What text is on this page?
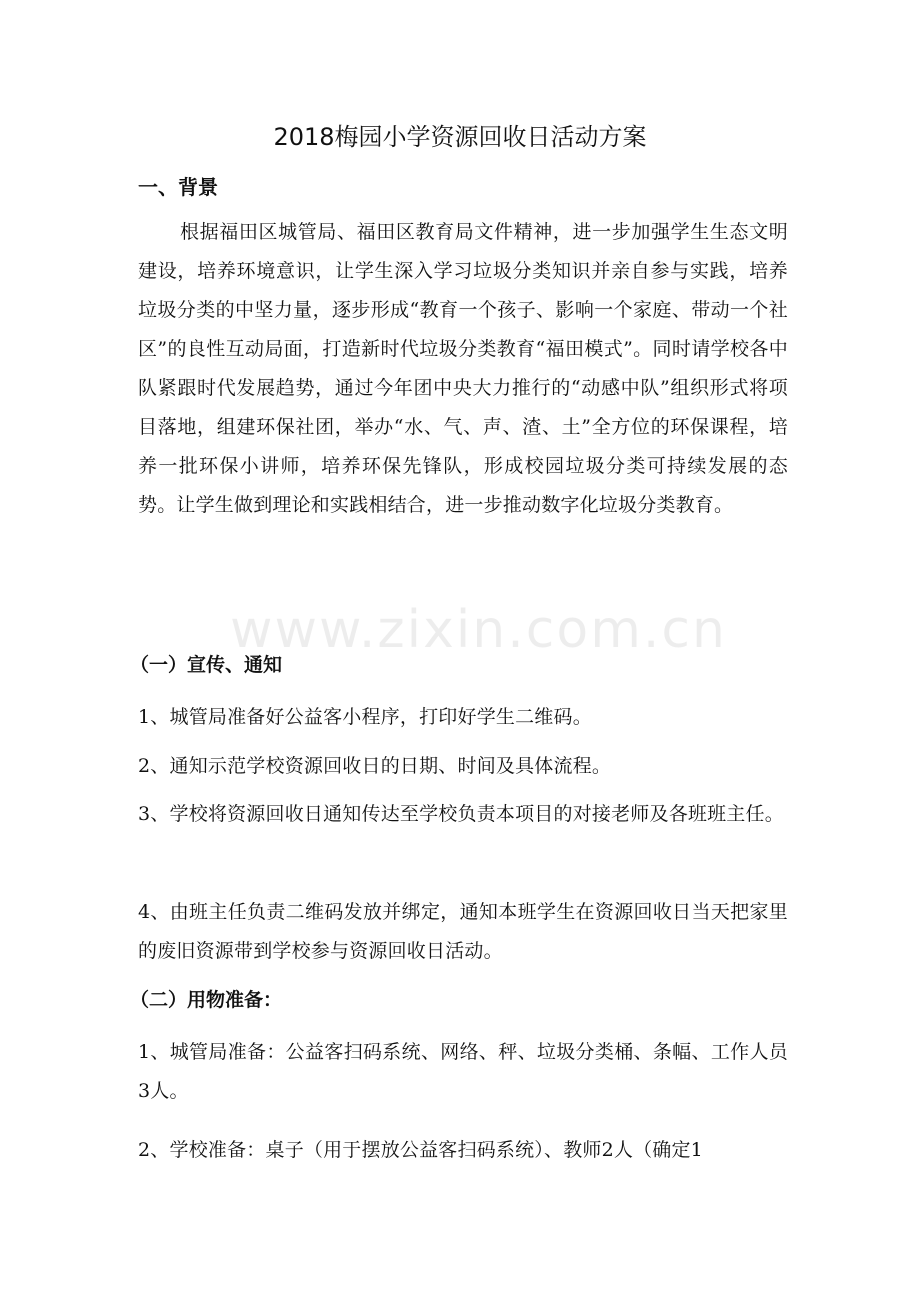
www.zixin.com.cn
2018梅园小学资源回收日活动方案
一、背景
根据福田区城管局、福田区教育局文件精神，进一步加强学生生态文明建设，培养环境意识，让学生深入学习垃圾分类知识并亲自参与实践，培养垃圾分类的中坚力量，逐步形成“教育一个孩子、影响一个家庭、带动一个社区”的良性互动局面，打造新时代垃圾分类教育“福田模式”。同时请学校各中队紧跟时代发展趋势，通过今年团中央大力推行的“动感中队”组织形式将项目落地，组建环保社团，举办“水、气、声、渣、土”全方位的环保课程，培养一批环保小讲师，培养环保先锋队，形成校园垃圾分类可持续发展的态势。让学生做到理论和实践相结合，进一步推动数字化垃圾分类教育。
（一）宣传、通知
1、城管局准备好公益客小程序，打印好学生二维码。
2、通知示范学校资源回收日的日期、时间及具体流程。
3、学校将资源回收日通知传达至学校负责本项目的对接老师及各班班主任。
4、由班主任负责二维码发放并绑定，通知本班学生在资源回收日当天把家里的废旧资源带到学校参与资源回收日活动。
（二）用物准备：
1、城管局准备：公益客扫码系统、网络、秤、垃圾分类桶、条幅、工作人员3人。
2、学校准备：桌子（用于摆放公益客扫码系统）、教师2人（确定1
